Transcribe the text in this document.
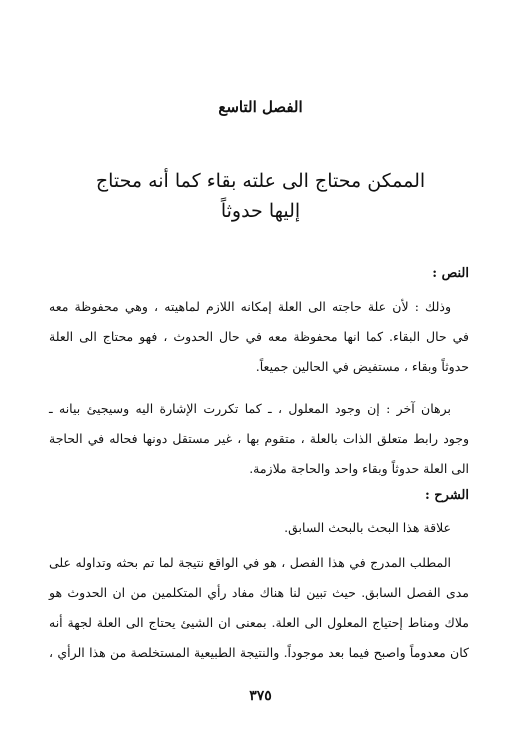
الفصل التاسع
الممكن محتاج الى علته بقاء كما أنه محتاج
إليها حدوثاً

النص :

وذلك : لأن علة حاجته الى العلة إمكانه اللازم لماهيته ، وهي محفوظة معه
في حال البقاء. كما انها محفوظة معه في حال الحدوث ، فهو محتاج الى العلة
حدوثاً وبقاء ، مستفيض في الحالين جميعاً.

برهان آخر : إن وجود المعلول ، ـ كما تكررت الإشارة اليه وسيجيئ بيانه ـ
وجود رابط متعلق الذات بالعلة ، متقوم بها ، غير مستقل دونها فحاله في الحاجة
الى العلة حدوثاً وبقاء واحد والحاجة ملازمة.

الشرح :

علاقة هذا البحث بالبحث السابق.

المطلب المدرج في هذا الفصل ، هو في الواقع نتيجة لما تم بحثه وتداوله على
مدى الفصل السابق. حيث تبين لنا هناك مفاد رأي المتكلمين من ان الحدوث هو
ملاك ومناط إحتياج المعلول الى العلة. بمعنى ان الشيئ يحتاج الى العلة لجهة أنه
كان معدوماً واصبح فيما بعد موجوداً. والنتيجة الطبيعية المستخلصة من هذا الرأي ،

٣٧٥
